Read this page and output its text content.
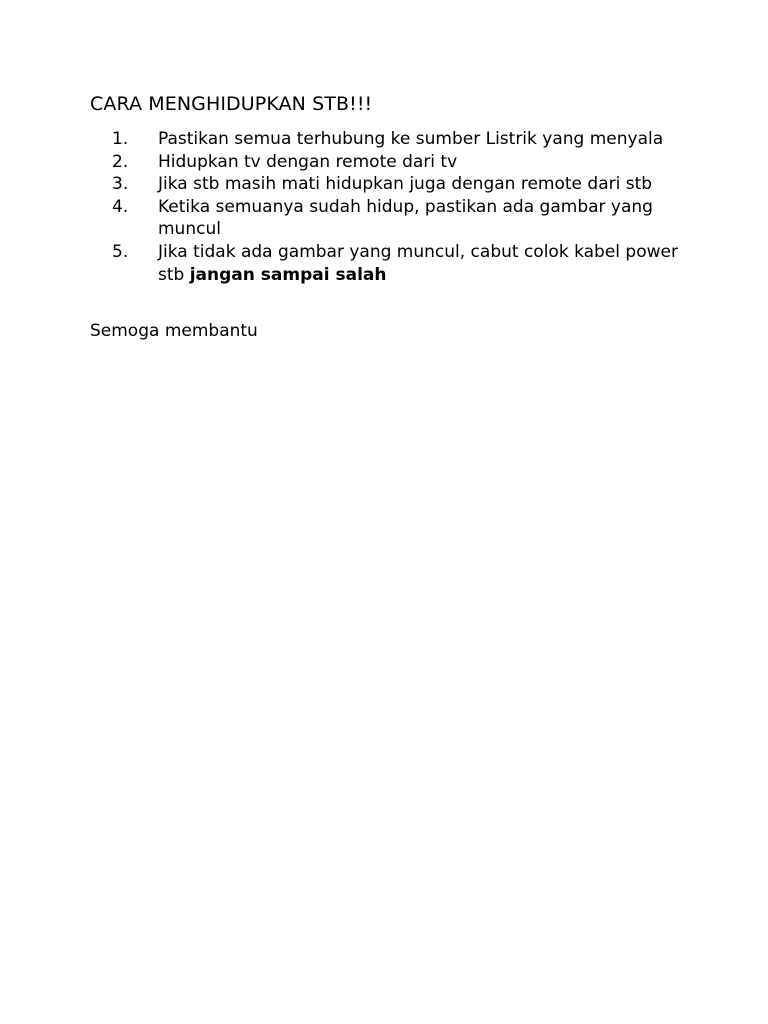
CARA MENGHIDUPKAN STB!!!
1. Pastikan semua terhubung ke sumber Listrik yang menyala
2. Hidupkan tv dengan remote dari tv
3. Jika stb masih mati hidupkan juga dengan remote dari stb
4. Ketika semuanya sudah hidup, pastikan ada gambar yang muncul
5. Jika tidak ada gambar yang muncul, cabut colok kabel power stb jangan sampai salah

Semoga membantu
